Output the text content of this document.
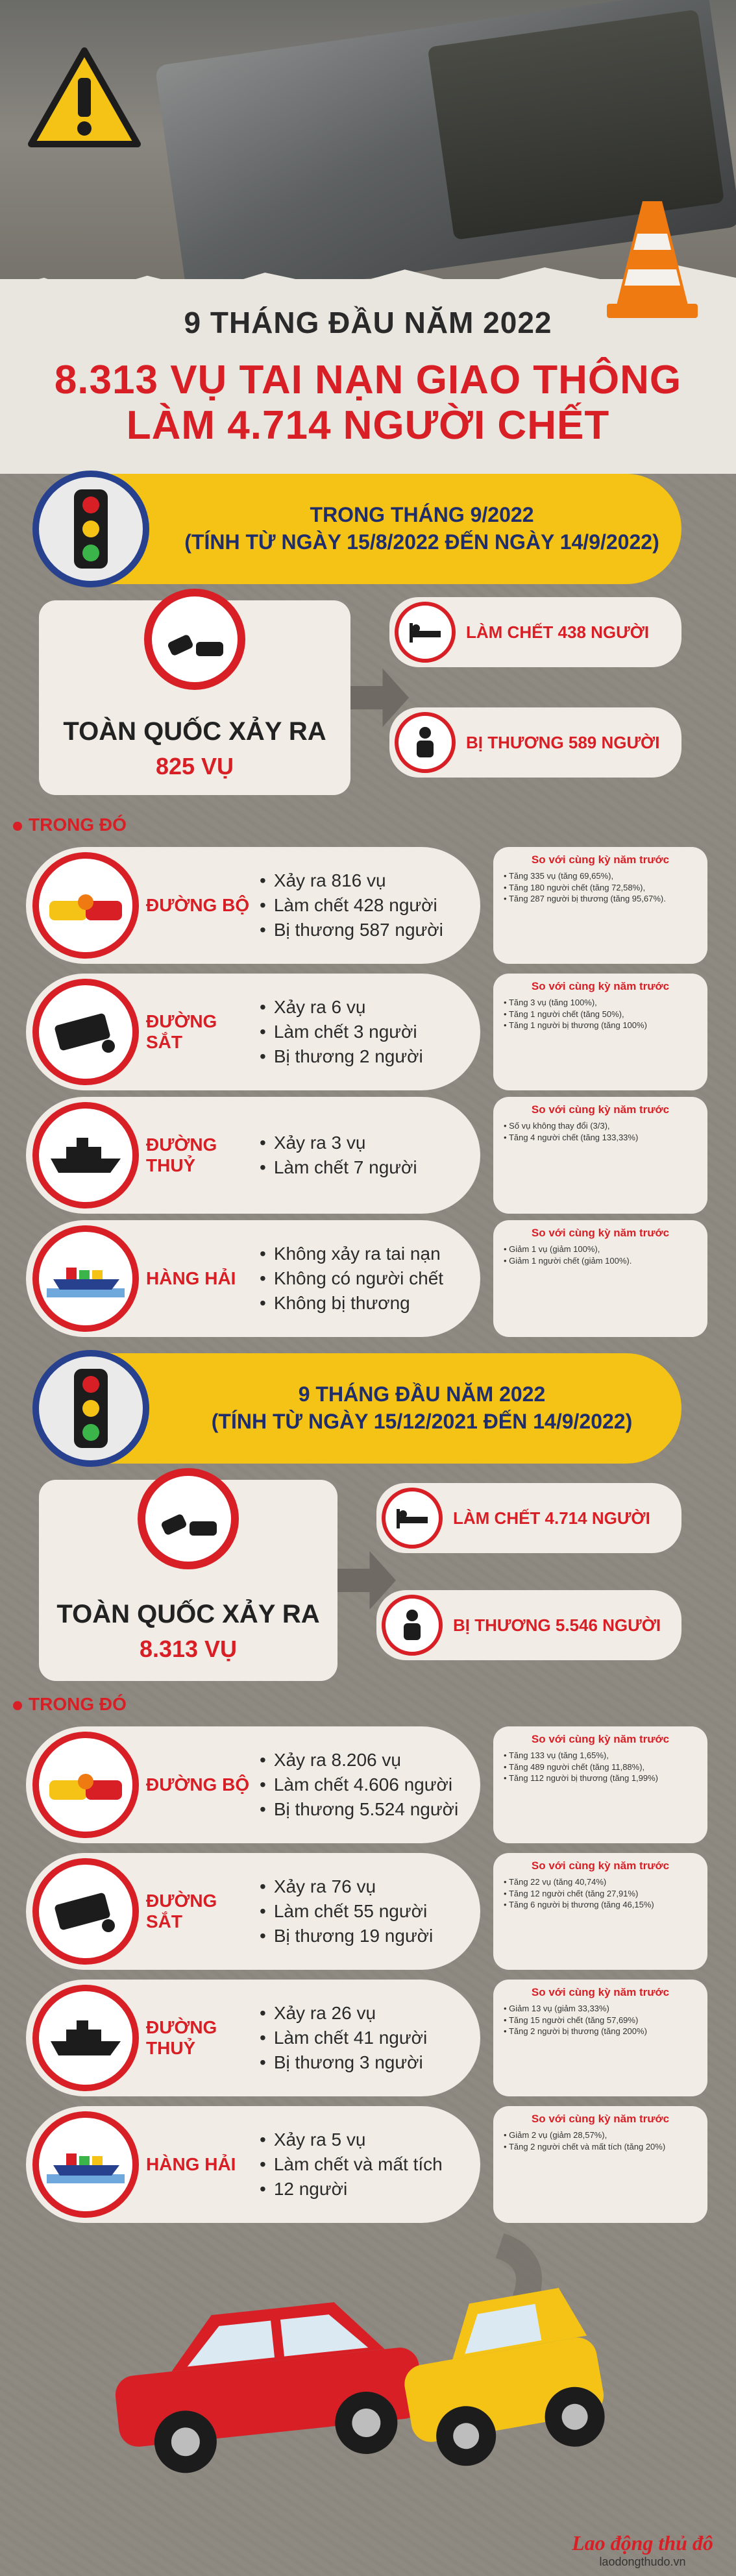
9 THÁNG ĐẦU NĂM 2022
8.313 VỤ TAI NẠN GIAO THÔNG
LÀM 4.714 NGƯỜI CHẾT
TRONG THÁNG 9/2022
(TÍNH TỪ NGÀY 15/8/2022 ĐẾN NGÀY 14/9/2022)
TOÀN QUỐC XẢY RA
825 VỤ
LÀM CHẾT 438 NGƯỜI
BỊ THƯƠNG 589 NGƯỜI
TRONG ĐÓ
ĐƯỜNG BỘ
• Xảy ra 816 vụ
• Làm chết 428 người
• Bị thương 587 người
So với cùng kỳ năm trước
• Tăng 335 vụ (tăng 69,65%),
• Tăng 180 người chết (tăng 72,58%),
• Tăng 287 người bị thương (tăng 95,67%).
ĐƯỜNG SẮT
• Xảy ra 6 vụ
• Làm chết 3 người
• Bị thương 2 người
So với cùng kỳ năm trước
• Tăng 3 vụ (tăng 100%),
• Tăng 1 người chết (tăng 50%),
• Tăng 1 người bị thương (tăng 100%)
ĐƯỜNG THUỶ
• Xảy ra 3 vụ
• Làm chết 7 người
So với cùng kỳ năm trước
• Số vụ không thay đổi (3/3),
• Tăng 4 người chết (tăng 133,33%)
HÀNG HẢI
• Không xảy ra tai nạn
• Không có người chết
• Không bị thương
So với cùng kỳ năm trước
• Giảm 1 vụ (giảm 100%),
• Giảm 1 người chết (giảm 100%).
9 THÁNG ĐẦU NĂM 2022
(TÍNH TỪ NGÀY 15/12/2021 ĐẾN 14/9/2022)
TOÀN QUỐC XẢY RA
8.313 VỤ
LÀM CHẾT 4.714 NGƯỜI
BỊ THƯƠNG 5.546 NGƯỜI
TRONG ĐÓ
ĐƯỜNG BỘ
• Xảy ra 8.206 vụ
• Làm chết 4.606 người
• Bị thương 5.524 người
So với cùng kỳ năm trước
• Tăng 133 vụ (tăng 1,65%),
• Tăng 489 người chết (tăng 11,88%),
• Tăng 112 người bị thương (tăng 1,99%)
ĐƯỜNG SẮT
• Xảy ra 76 vụ
• Làm chết 55 người
• Bị thương 19 người
So với cùng kỳ năm trước
• Tăng 22 vụ (tăng 40,74%)
• Tăng 12 người chết (tăng 27,91%)
• Tăng 6 người bị thương (tăng 46,15%)
ĐƯỜNG THUỶ
• Xảy ra 26 vụ
• Làm chết 41 người
• Bị thương 3 người
So với cùng kỳ năm trước
• Giảm 13 vụ (giảm 33,33%)
• Tăng 15 người chết (tăng 57,69%)
• Tăng 2 người bị thương (tăng 200%)
HÀNG HẢI
• Xảy ra 5 vụ
• Làm chết và mất tích
• 12 người
So với cùng kỳ năm trước
• Giảm 2 vụ (giảm 28,57%),
• Tăng 2 người chết và mất tích (tăng 20%)
Lao động thủ đô
laodongthudo.vn
